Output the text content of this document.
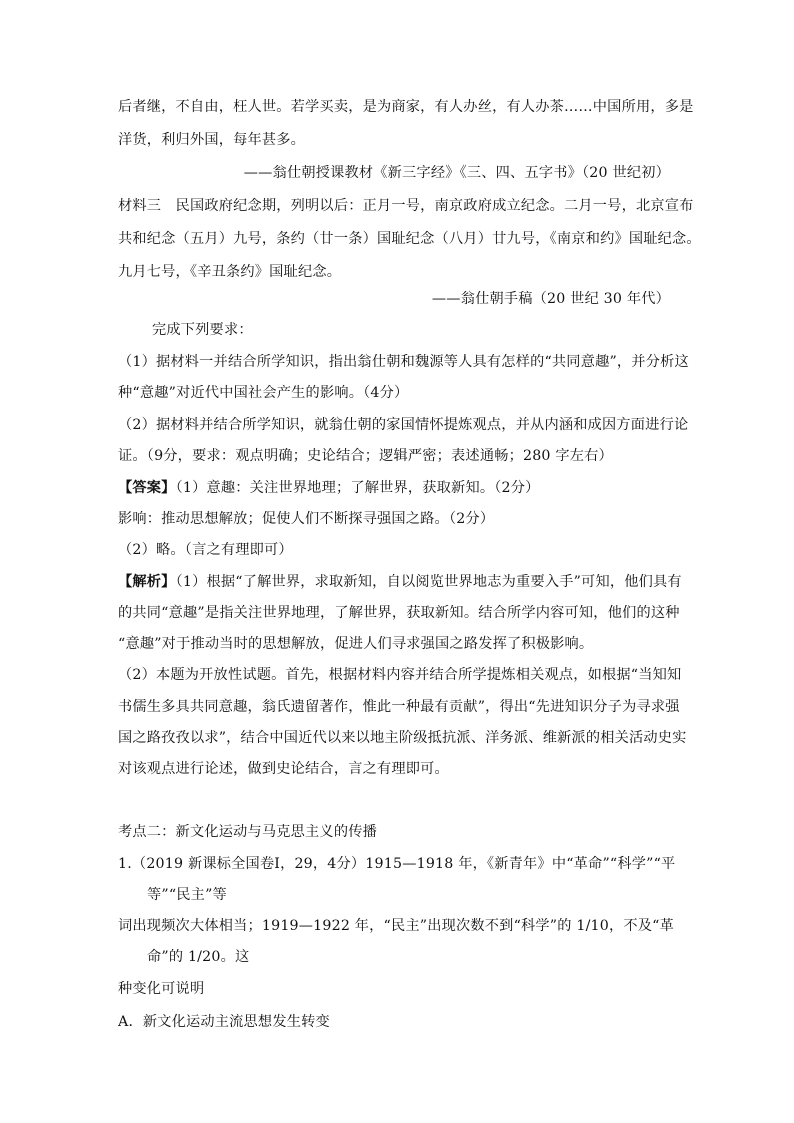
后者继，不自由，枉人世。若学买卖，是为商家，有人办丝，有人办茶……中国所用，多是
洋货，利归外国，每年甚多。
——翁仕朝授课教材《新三字经》《三、四、五字书》（20 世纪初）
材料三　民国政府纪念期，列明以后：正月一号，南京政府成立纪念。二月一号，北京宣布
共和纪念（五月）九号，条约（廿一条）国耻纪念（八月）廿九号，《南京和约》国耻纪念。
九月七号，《辛丑条约》国耻纪念。
——翁仕朝手稿（20 世纪 30 年代）
完成下列要求：
（1）据材料一并结合所学知识，指出翁仕朝和魏源等人具有怎样的“共同意趣”，并分析这
种“意趣”对近代中国社会产生的影响。（4分）
（2）据材料并结合所学知识，就翁仕朝的家国情怀提炼观点，并从内涵和成因方面进行论
证。（9分，要求：观点明确；史论结合；逻辑严密；表述通畅；280 字左右）
【答案】（1）意趣：关注世界地理；了解世界，获取新知。（2分）
影响：推动思想解放；促使人们不断探寻强国之路。（2分）
（2）略。（言之有理即可）
【解析】（1）根据“了解世界，求取新知，自以阅览世界地志为重要入手”可知，他们具有
的共同“意趣”是指关注世界地理，了解世界，获取新知。结合所学内容可知，他们的这种
“意趣”对于推动当时的思想解放，促进人们寻求强国之路发挥了积极影响。
（2）本题为开放性试题。首先，根据材料内容并结合所学提炼相关观点，如根据“当知知
书儒生多具共同意趣，翁氏遗留著作，惟此一种最有贡献”，得出“先进知识分子为寻求强
国之路孜孜以求”，结合中国近代以来以地主阶级抵抗派、洋务派、维新派的相关活动史实
对该观点进行论述，做到史论结合，言之有理即可。
考点二：新文化运动与马克思主义的传播
1.（2019 新课标全国卷Ⅰ，29，4分）1915—1918 年，《新青年》中“革命”“科学”“平
等”“民主”等
词出现频次大体相当；1919—1922 年，“民主”出现次数不到“科学”的 1/10，不及“革
命”的 1/20。这
种变化可说明
A．新文化运动主流思想发生转变
